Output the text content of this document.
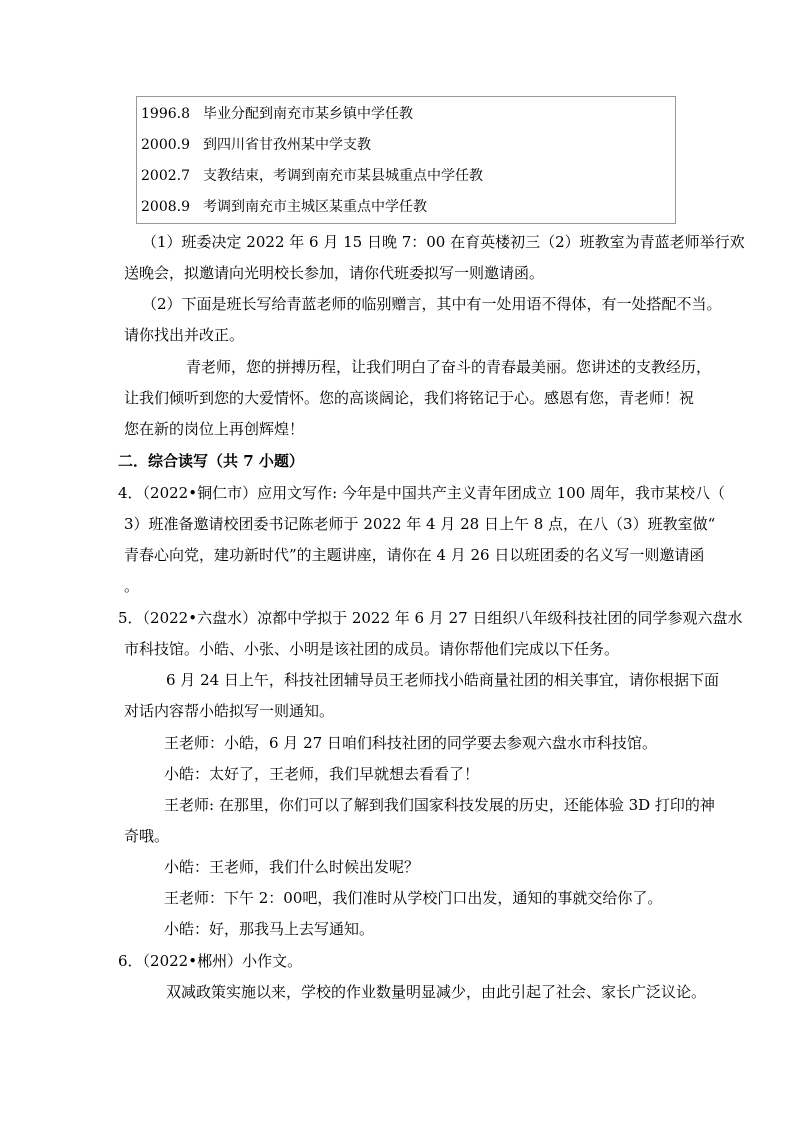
1996.8 毕业分配到南充市某乡镇中学任教
2000.9 到四川省甘孜州某中学支教
2002.7 支教结束，考调到南充市某县城重点中学任教
2008.9 考调到南充市主城区某重点中学任教
（1）班委决定 2022 年 6 月 15 日晚 7：00 在育英楼初三（2）班教室为青蓝老师举行欢
送晚会，拟邀请向光明校长参加，请你代班委拟写一则邀请函。
（2）下面是班长写给青蓝老师的临别赠言，其中有一处用语不得体，有一处搭配不当。
请你找出并改正。
青老师，您的拼搏历程，让我们明白了奋斗的青春最美丽。您讲述的支教经历，
让我们倾听到您的大爱情怀。您的高谈阔论，我们将铭记于心。感恩有您，青老师！祝
您在新的岗位上再创辉煌！
二．综合读写（共 7 小题）
4．（2022•铜仁市）应用文写作: 今年是中国共产主义青年团成立 100 周年，我市某校八（
3）班准备邀请校团委书记陈老师于 2022 年 4 月 28 日上午 8 点，在八（3）班教室做“
青春心向党，建功新时代”的主题讲座，请你在 4 月 26 日以班团委的名义写一则邀请函
。
5．（2022•六盘水）凉都中学拟于 2022 年 6 月 27 日组织八年级科技社团的同学参观六盘水
市科技馆。小皓、小张、小明是该社团的成员。请你帮他们完成以下任务。
6 月 24 日上午，科技社团辅导员王老师找小皓商量社团的相关事宜，请你根据下面
对话内容帮小皓拟写一则通知。
王老师：小皓，6 月 27 日咱们科技社团的同学要去参观六盘水市科技馆。
小皓：太好了，王老师，我们早就想去看看了！
王老师: 在那里，你们可以了解到我们国家科技发展的历史，还能体验 3D 打印的神
奇哦。
小皓：王老师，我们什么时候出发呢？
王老师：下午 2：00吧，我们准时从学校门口出发，通知的事就交给你了。
小皓：好，那我马上去写通知。
6．（2022•郴州）小作文。
双减政策实施以来，学校的作业数量明显减少，由此引起了社会、家长广泛议论。
